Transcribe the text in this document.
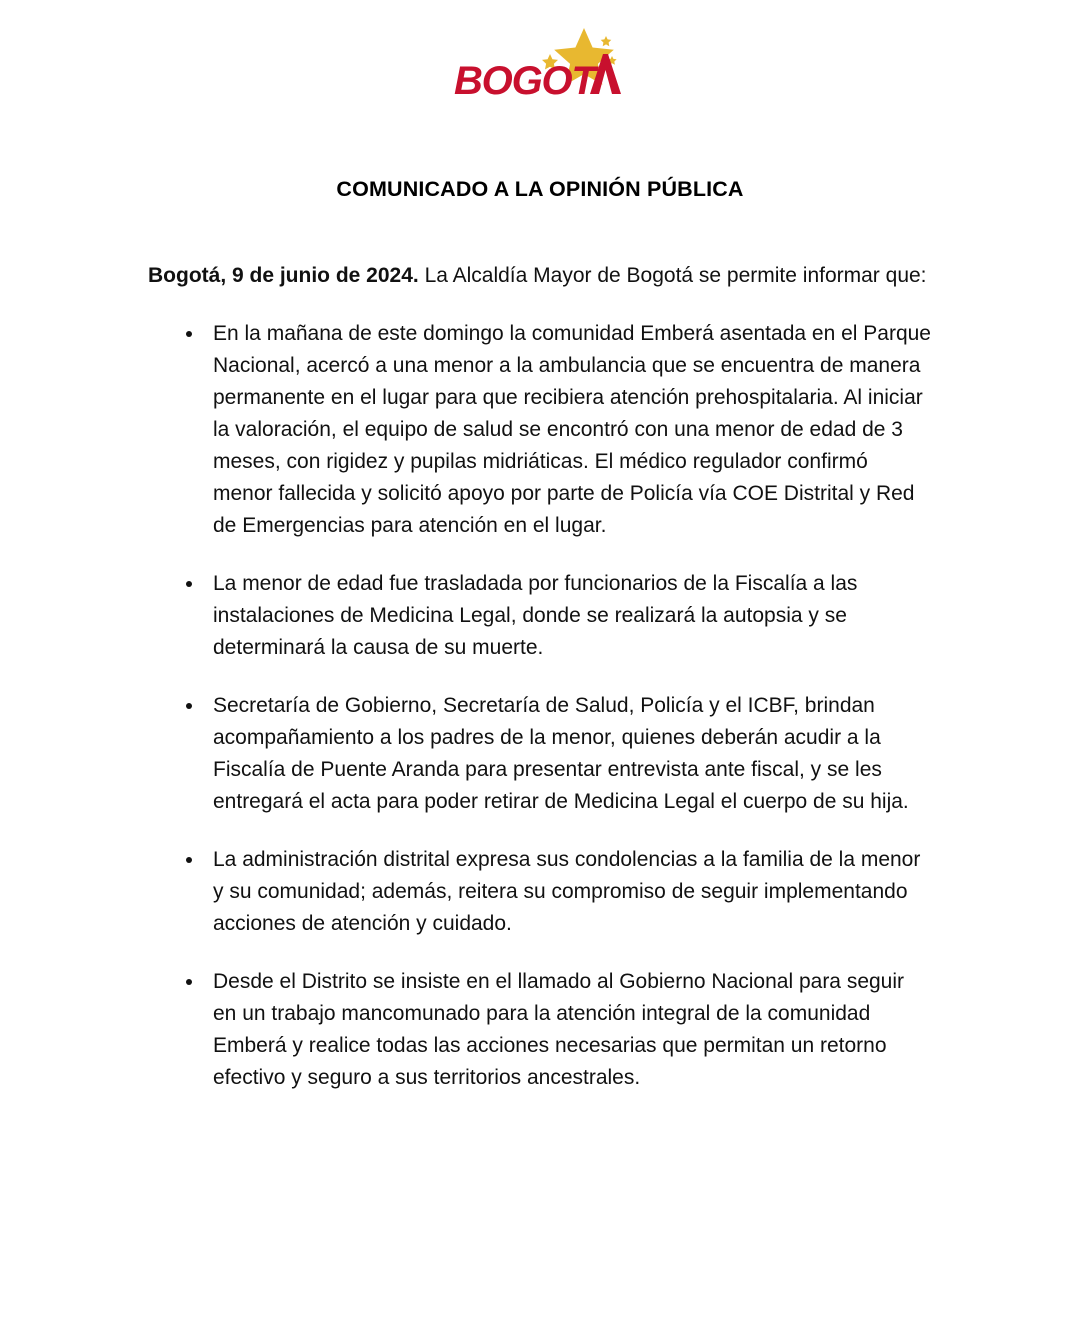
BOGOT
COMUNICADO A LA OPINIÓN PÚBLICA

Bogotá, 9 de junio de 2024. La Alcaldía Mayor de Bogotá se permite informar que:

En la mañana de este domingo la comunidad Emberá asentada en el Parque Nacional, acercó a una menor a la ambulancia que se encuentra de manera permanente en el lugar para que recibiera atención prehospitalaria. Al iniciar la valoración, el equipo de salud se encontró con una menor de edad de 3 meses, con rigidez y pupilas midriáticas. El médico regulador confirmó menor fallecida y solicitó apoyo por parte de Policía vía COE Distrital y Red de Emergencias para atención en el lugar.
La menor de edad fue trasladada por funcionarios de la Fiscalía a las instalaciones de Medicina Legal, donde se realizará la autopsia y se determinará la causa de su muerte.
Secretaría de Gobierno, Secretaría de Salud, Policía y el ICBF, brindan acompañamiento a los padres de la menor, quienes deberán acudir a la Fiscalía de Puente Aranda para presentar entrevista ante fiscal, y se les entregará el acta para poder retirar de Medicina Legal el cuerpo de su hija.
La administración distrital expresa sus condolencias a la familia de la menor y su comunidad; además, reitera su compromiso de seguir implementando acciones de atención y cuidado.
Desde el Distrito se insiste en el llamado al Gobierno Nacional para seguir en un trabajo mancomunado para la atención integral de la comunidad Emberá y realice todas las acciones necesarias que permitan un retorno efectivo y seguro a sus territorios ancestrales.
